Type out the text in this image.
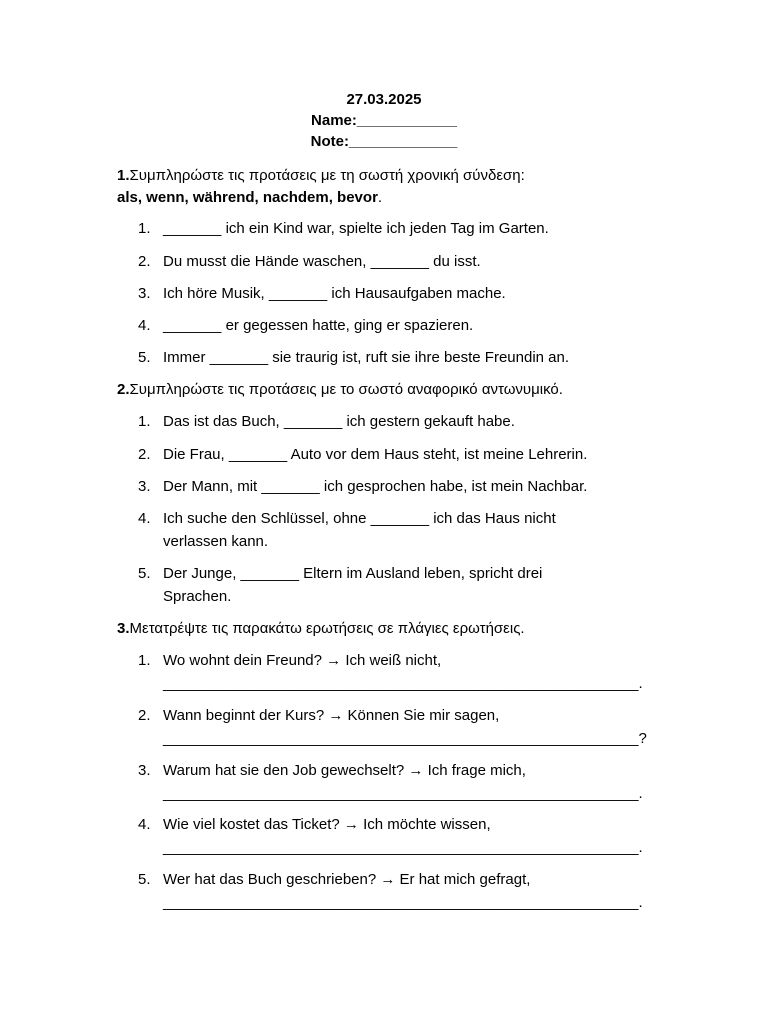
27.03.2025
Name:____________
Note:_____________
1.Συμπληρώστε τις προτάσεις με τη σωστή χρονική σύνδεση:
als, wenn, während, nachdem, bevor.
1. _______ ich ein Kind war, spielte ich jeden Tag im Garten.
2. Du musst die Hände waschen, _______ du isst.
3. Ich höre Musik, _______ ich Hausaufgaben mache.
4. _______ er gegessen hatte, ging er spazieren.
5. Immer _______ sie traurig ist, ruft sie ihre beste Freundin an.
2.Συμπληρώστε τις προτάσεις με το σωστό αναφορικό αντωνυμικό.
1. Das ist das Buch, _______ ich gestern gekauft habe.
2. Die Frau, _______ Auto vor dem Haus steht, ist meine Lehrerin.
3. Der Mann, mit _______ ich gesprochen habe, ist mein Nachbar.
4. Ich suche den Schlüssel, ohne _______ ich das Haus nicht
verlassen kann.
5. Der Junge, _______ Eltern im Ausland leben, spricht drei
Sprachen.
3.Μετατρέψτε τις παρακάτω ερωτήσεις σε πλάγιες ερωτήσεις.
1. Wo wohnt dein Freund? → Ich weiß nicht,
_________________________________________________________.
2. Wann beginnt der Kurs? → Können Sie mir sagen,
_________________________________________________________?
3. Warum hat sie den Job gewechselt? → Ich frage mich,
_________________________________________________________.
4. Wie viel kostet das Ticket? → Ich möchte wissen,
_________________________________________________________.
5. Wer hat das Buch geschrieben? → Er hat mich gefragt,
_________________________________________________________.
